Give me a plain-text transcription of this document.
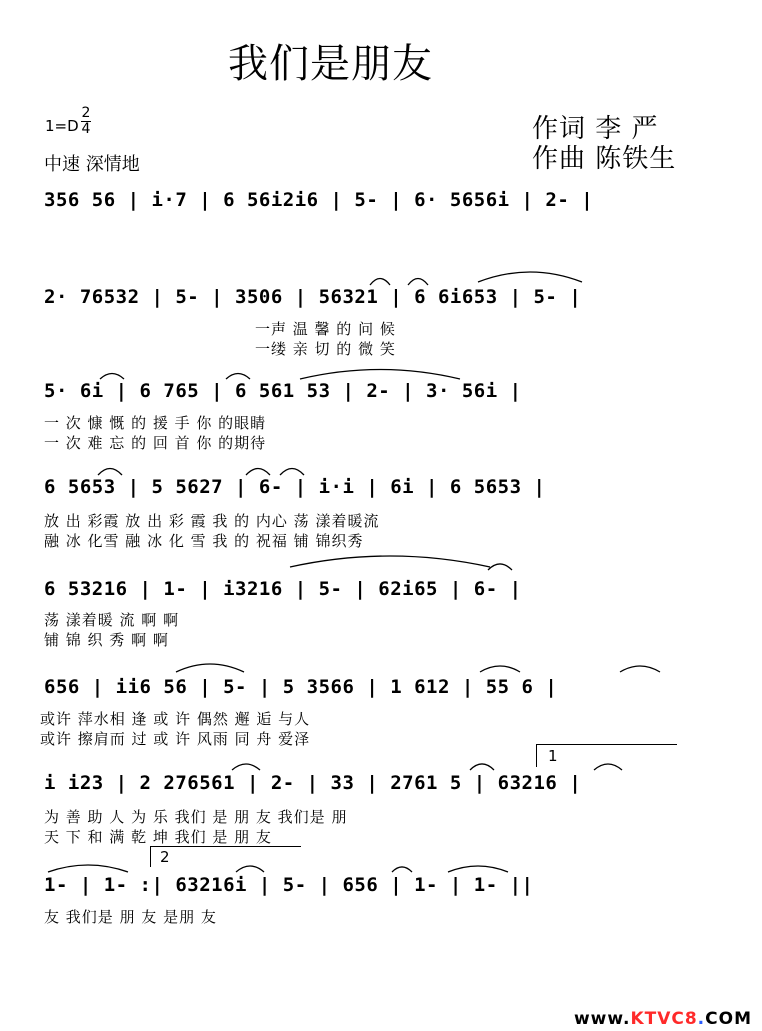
我们是朋友
1=D
2
4
中速 深情地
作词 李 严
作曲 陈铁生
356 56 | i·7 | 6 56i2i6 | 5- | 6· 5656i | 2- |
2· 76532 | 5- | 3506 | 56321 | 6 6i653 | 5- |
一声 温 馨 的 问 候
一缕 亲 切 的 微 笑
5· 6i | 6 765 | 6 561 53 | 2- | 3· 56i |
一 次 慷 慨 的 援 手 你 的眼睛
一 次 难 忘 的 回 首 你 的期待
6 5653 | 5 5627 | 6- | i·i | 6i | 6 5653 |
放 出 彩霞 放 出 彩 霞 我 的 内心 荡 漾着暖流
融 冰 化雪 融 冰 化 雪 我 的 祝福 铺 锦织秀
6 53216 | 1- | i3216 | 5- | 62i65 | 6- |
荡 漾着暖 流 啊 啊
铺 锦 织 秀 啊 啊
656 | ii6 56 | 5- | 5 3566 | 1 612 | 55 6 |
或许 萍水相 逢 或 许 偶然 邂 逅 与人
或许 擦肩而 过 或 许 风雨 同 舟 爱泽
1
i i23 | 2 276561 | 2- | 33 | 2761 5 | 63216 |
为 善 助 人 为 乐 我们 是 朋 友 我们是 朋
天 下 和 满 乾 坤 我们 是 朋 友
2
1- | 1- :| 63216i | 5- | 656 | 1- | 1- ||
友 我们是 朋 友 是朋 友
www.KTVC8.COM
